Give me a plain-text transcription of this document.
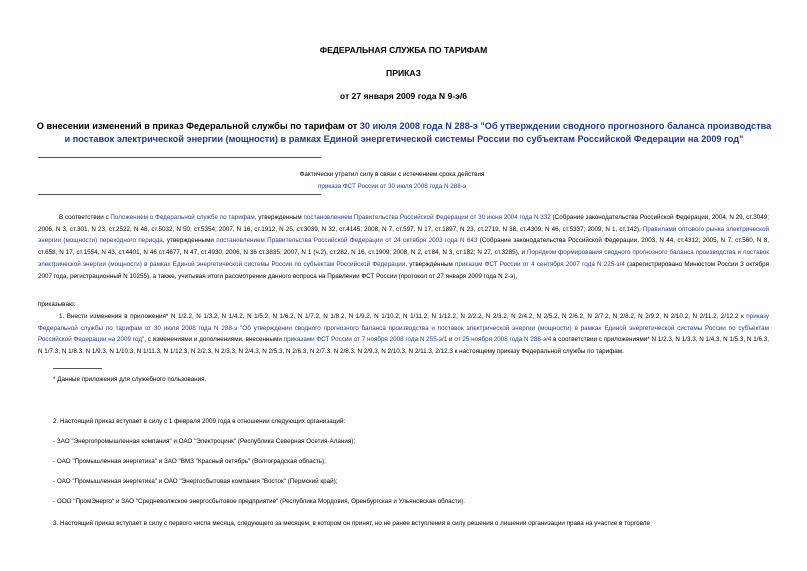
ФЕДЕРАЛЬНАЯ СЛУЖБА ПО ТАРИФАМ
ПРИКАЗ
от 27 января 2009 года N 9-э/6
О внесении изменений в приказ Федеральной службы по тарифам от 30 июля 2008 года N 288-э "Об утверждении сводного прогнозного баланса производства и поставок электрической энергии (мощности) в рамках Единой энергетической системы России по субъектам Российской Федерации на 2009 год"
Фактически утратил силу в связи с истечением срока действия
приказа ФСТ России от 30 июля 2008 года N 288-э
В соответствии с Положением о Федеральной службе по тарифам, утвержденным постановлением Правительства Российской Федерации от 30 июня 2004 года N 332 (Собрание законодательства Российской Федерации, 2004, N 29, ст.3049; 2006, N 3, ст.301, N 23, ст.2522, N 48, ст.5032, N 50, ст.5354; 2007, N 16, ст.1912, N 25, ст.3039, N 32, ст.4145; 2008, N 7, ст.597, N 17, ст.1897, N 23, ст.2719, N 38, ст.4309, N 46, ст.5337; 2009, N 1, ст.142), Правилами оптового рынка электрической энергии (мощности) переходного периода, утвержденными постановлением Правительства Российской Федерации от 24 октября 2003 года N 643 (Собрание законодательства Российской Федерации, 2003, N 44, ст.4312; 2005, N 7, ст.560, N 8, ст.658, N 17, ст.1554, N 43, ст.4401, N 46 ст.4677, N 47, ст.4930; 2006, N 36 ст.3835; 2007, N 1 (ч.2), ст.282, N 16, ст.1909; 2008, N 2, ст.84, N 3, ст.182; N 27, ст.3285), и Порядком формирования сводного прогнозного баланса производства и поставок электрической энергии (мощности) в рамках Единой энергетической системы России по субъектам Российской Федерации, утвержденным приказом ФСТ России от 4 сентября 2007 года N 225-э/4 (зарегистрировано Минюстом России 3 октября 2007 года, регистрационный N 10255), а также, учитывая итоги рассмотрения данного вопроса на Правлении ФСТ России (протокол от 27 января 2009 года N 2-э),
приказываю:
1. Внести изменения в приложения* N 1/2.2, N 1/3.2, N 1/4.2, N 1/5.2, N 1/6.2, N 1/7.2, N 1/8.2, N 1/9.2, N 1/10.2, N 1/11.2, N 1/12.2, N 2/2.2, N 2/3.2, N 2/4.2, N 2/5.2, N 2/6.2, N 2/7.2, N 2/8.2, N 2/9.2, N 2/10.2, N 2/11.2, 2/12.2 к приказу Федеральной службы по тарифам от 30 июля 2008 года N 288-э "Об утверждении сводного прогнозного баланса производства и поставок электрической энергии (мощности) в рамках Единой энергетической системы России по субъектам Российской Федерации на 2009 год", с изменениями и дополнениями, внесенными приказами ФСТ России от 7 ноября 2008 года N 255-э/1 и от 25 ноября 2008 года N 288-э/4 в соответствии с приложениями* N 1/2.3, N 1/3.3, N 1/4.3, N 1/5.3, N 1/6.3, N 1/7.3, N 1/8.3, N 1/9.3, N 1/10.3, N 1/11.3, N 1/12.3, N 2/2.3, N 2/3.3, N 2/4.3, N 2/5.3, N 2/6.3, N 2/7.3, N 2/8.3, N 2/9.3, N 2/10.3, N 2/11.3, 2/12.3 к настоящему приказу Федеральной службы по тарифам.
* Данные приложения для служебного пользования.
2. Настоящий приказ вступает в силу с 1 февраля 2009 года в отношении следующих организаций:
- ЗАО "Энергопромышленная компания" и ОАО "Электроцинк" (Республика Северная Осетия-Алания);
- ОАО "Промышленная энергетика" и ЗАО "ВМЗ "Красный октябрь" (Волгоградская область);
- ОАО "Промышленная энергетика" и ОАО "Энергосбытовая компания "Восток" (Пермский край);
- ООО "ПромЭнерго" и ЗАО "Средневолжское энергосбытовое предприятие" (Республика Мордовия, Оренбургская и Ульяновская области).
3. Настоящий приказ вступает в силу с первого числа месяца, следующего за месяцем, в котором он принят, но не ранее вступления в силу решения о лишении организации права на участие в торговле
